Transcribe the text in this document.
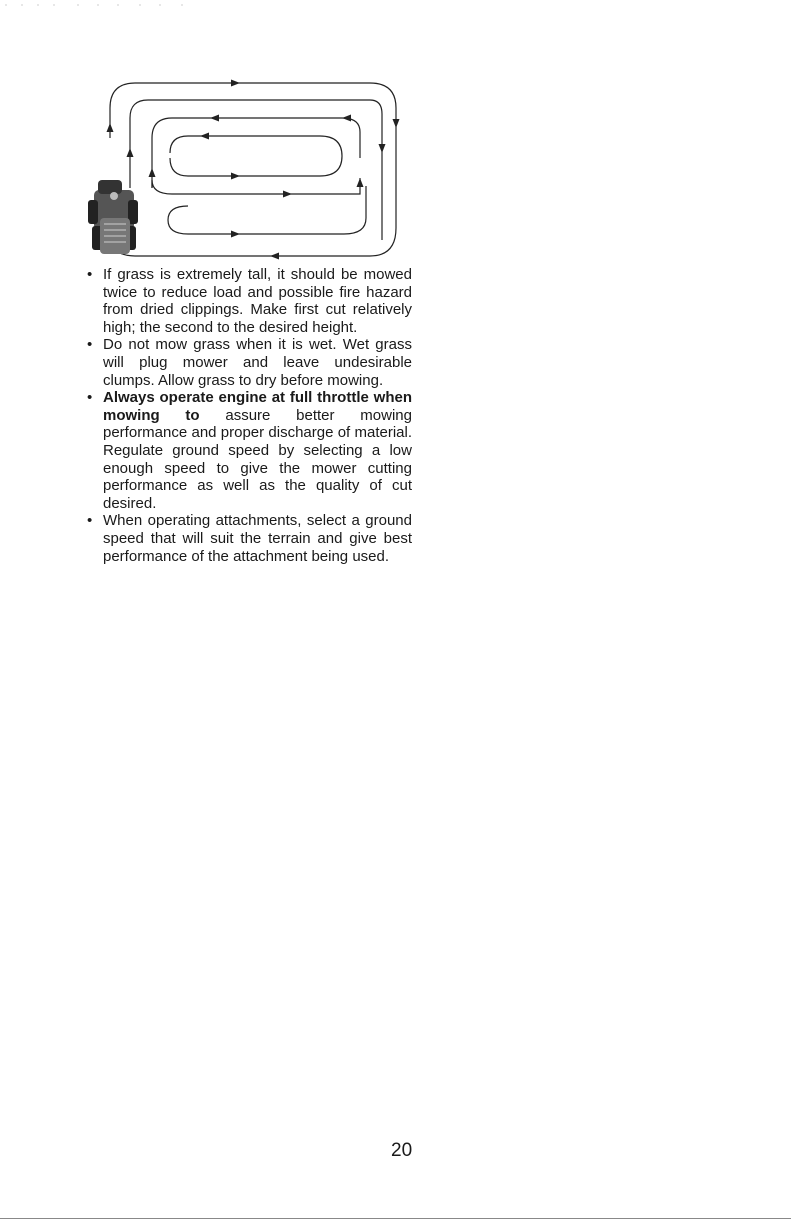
• If grass is extremely tall, it should be mowed twice to reduce load and possible fire hazard from dried clippings. Make first cut relatively high; the second to the desired height.
• Do not mow grass when it is wet. Wet grass will plug mower and leave undesirable clumps. Allow grass to dry before mowing.
• Always operate engine at full throttle when mowing to assure better mowing performance and proper discharge of material. Regulate ground speed by selecting a low enough speed to give the mower cutting performance as well as the quality of cut desired.
• When operating attachments, select a ground speed that will suit the terrain and give best performance of the attachment being used.
20
